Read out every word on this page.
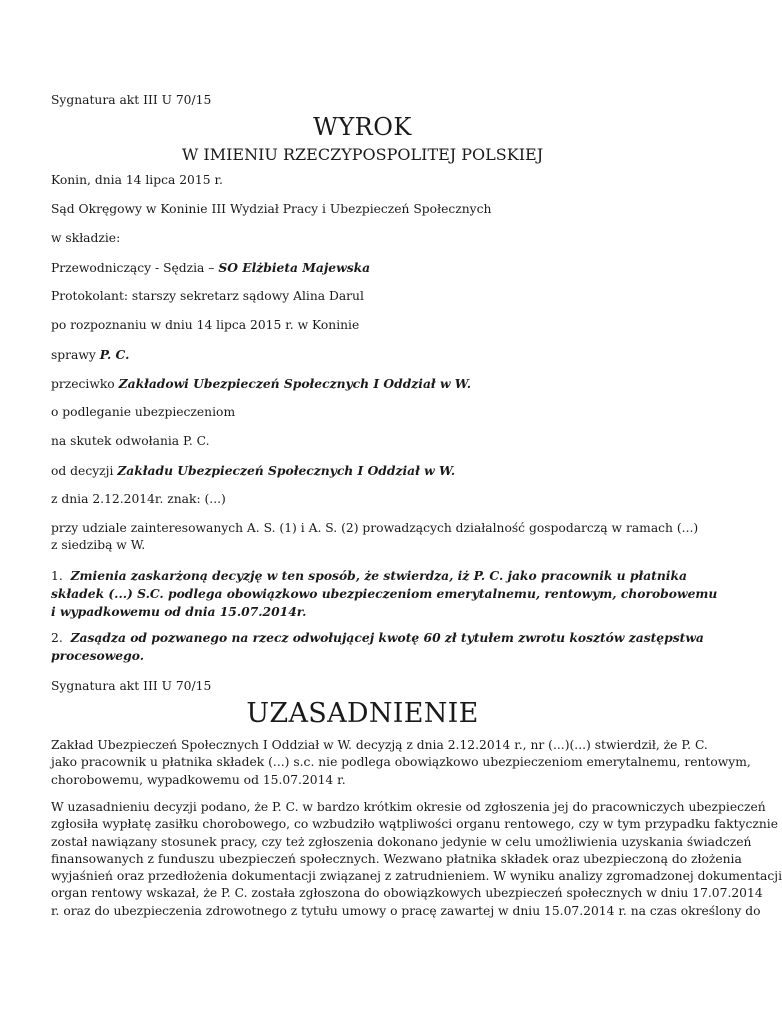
Sygnatura akt III U 70/15
WYROK
W IMIENIU RZECZYPOSPOLITEJ POLSKIEJ
Konin, dnia 14 lipca 2015 r.
Sąd Okręgowy w Koninie III Wydział Pracy i Ubezpieczeń Społecznych
w składzie:
Przewodniczący - Sędzia – SO Elżbieta Majewska
Protokolant: starszy sekretarz sądowy Alina Darul
po rozpoznaniu w dniu 14 lipca 2015 r. w Koninie
sprawy P. C.
przeciwko Zakładowi Ubezpieczeń Społecznych I Oddział w W.
o podleganie ubezpieczeniom
na skutek odwołania P. C.
od decyzji Zakładu Ubezpieczeń Społecznych I Oddział w W.
z dnia 2.12.2014r. znak: (...)
przy udziale zainteresowanych A. S. (1) i A. S. (2) prowadzących działalność gospodarczą w ramach (...)
z siedzibą w W.
1. Zmienia zaskarżoną decyzję w ten sposób, że stwierdza, iż P. C. jako pracownik u płatnika
składek (...) S.C. podlega obowiązkowo ubezpieczeniom emerytalnemu, rentowym, chorobowemu
i wypadkowemu od dnia 15.07.2014r.
2. Zasądza od pozwanego na rzecz odwołującej kwotę 60 zł tytułem zwrotu kosztów zastępstwa
procesowego.
Sygnatura akt III U 70/15
UZASADNIENIE
Zakład Ubezpieczeń Społecznych I Oddział w W. decyzją z dnia 2.12.2014 r., nr (...)(...) stwierdził, że P. C.
jako pracownik u płatnika składek (...) s.c. nie podlega obowiązkowo ubezpieczeniom emerytalnemu, rentowym,
chorobowemu, wypadkowemu od 15.07.2014 r.
W uzasadnieniu decyzji podano, że P. C. w bardzo krótkim okresie od zgłoszenia jej do pracowniczych ubezpieczeń
zgłosiła wypłatę zasiłku chorobowego, co wzbudziło wątpliwości organu rentowego, czy w tym przypadku faktycznie
został nawiązany stosunek pracy, czy też zgłoszenia dokonano jedynie w celu umożliwienia uzyskania świadczeń
finansowanych z funduszu ubezpieczeń społecznych. Wezwano płatnika składek oraz ubezpieczoną do złożenia
wyjaśnień oraz przedłożenia dokumentacji związanej z zatrudnieniem. W wyniku analizy zgromadzonej dokumentacji
organ rentowy wskazał, że P. C. została zgłoszona do obowiązkowych ubezpieczeń społecznych w dniu 17.07.2014
r. oraz do ubezpieczenia zdrowotnego z tytułu umowy o pracę zawartej w dniu 15.07.2014 r. na czas określony do
